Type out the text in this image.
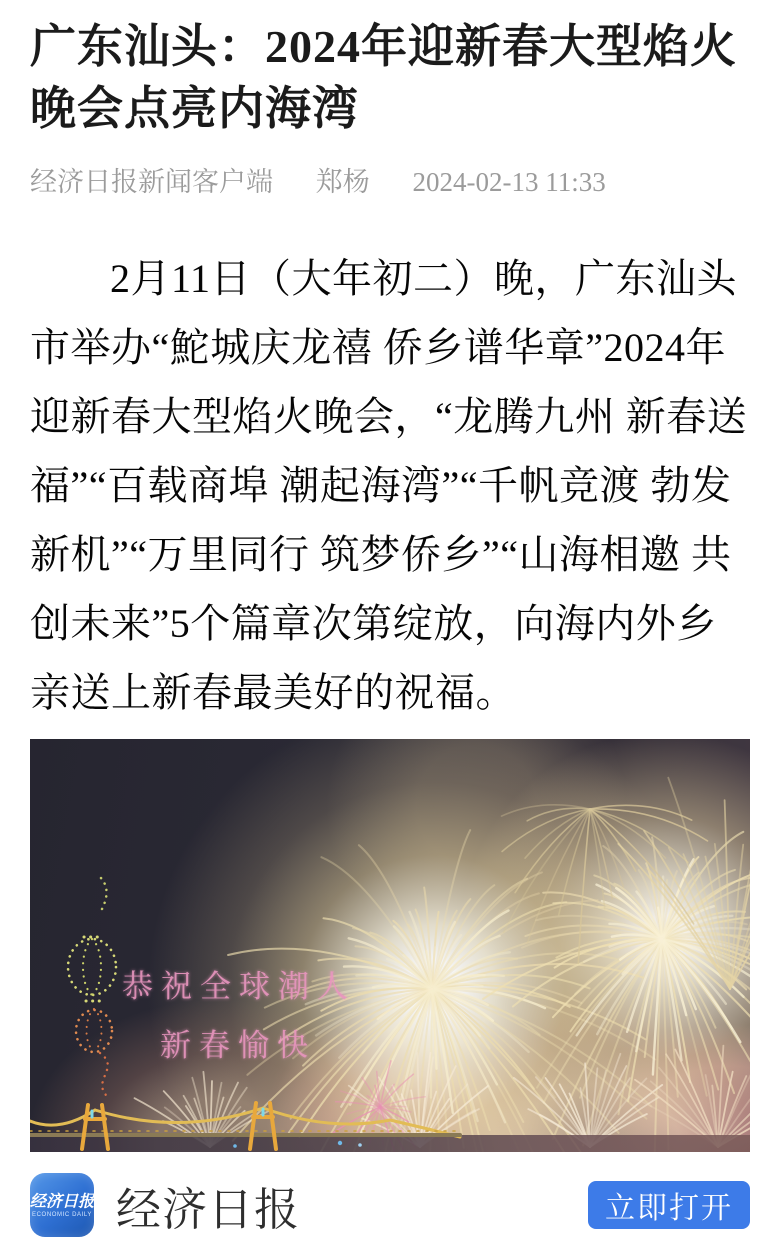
广东汕头：2024年迎新春大型焰火晚会点亮内海湾
经济日报新闻客户端 郑杨 2024-02-13 11:33

2月11日（大年初二）晚，广东汕头市举办“鮀城庆龙禧 侨乡谱华章”2024年迎新春大型焰火晚会，“龙腾九州 新春送福”“百载商埠 潮起海湾”“千帆竞渡 勃发新机”“万里同行 筑梦侨乡”“山海相邀 共创未来”5个篇章次第绽放，向海内外乡亲送上新春最美好的祝福。

恭祝全球潮人
新春愉快
经济日报
ECONOMIC DAILY 经济日报	立即打开
